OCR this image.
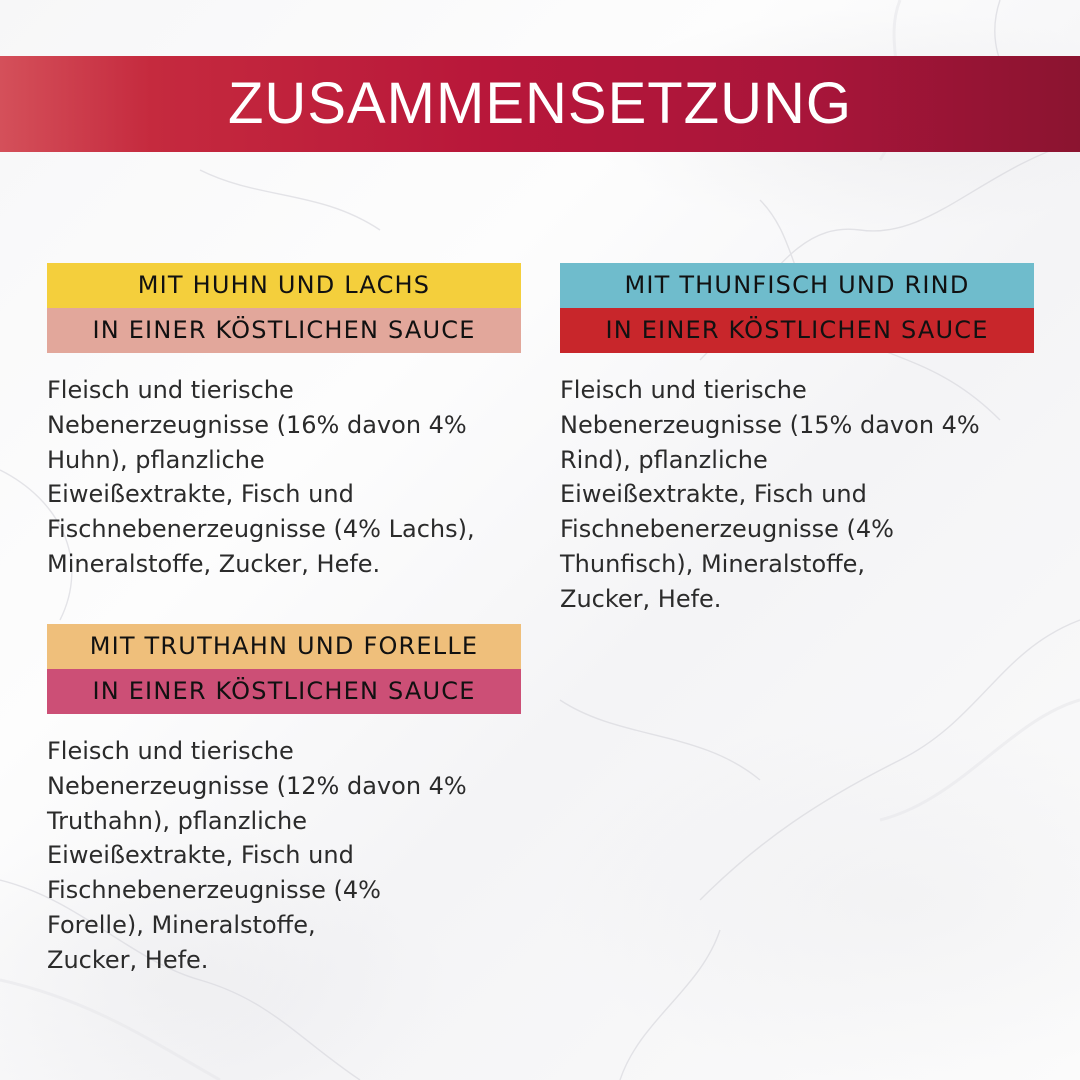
ZUSAMMENSETZUNG
MIT HUHN UND LACHS
IN EINER KÖSTLICHEN SAUCE
Fleisch und tierische
Nebenerzeugnisse (16% davon 4%
Huhn), pflanzliche
Eiweißextrakte, Fisch und
Fischnebenerzeugnisse (4% Lachs),
Mineralstoffe, Zucker, Hefe.
MIT THUNFISCH UND RIND
IN EINER KÖSTLICHEN SAUCE
Fleisch und tierische
Nebenerzeugnisse (15% davon 4%
Rind), pflanzliche
Eiweißextrakte, Fisch und
Fischnebenerzeugnisse (4%
Thunfisch), Mineralstoffe,
Zucker, Hefe.
MIT TRUTHAHN UND FORELLE
IN EINER KÖSTLICHEN SAUCE
Fleisch und tierische
Nebenerzeugnisse (12% davon 4%
Truthahn), pflanzliche
Eiweißextrakte, Fisch und
Fischnebenerzeugnisse (4%
Forelle), Mineralstoffe,
Zucker, Hefe.
